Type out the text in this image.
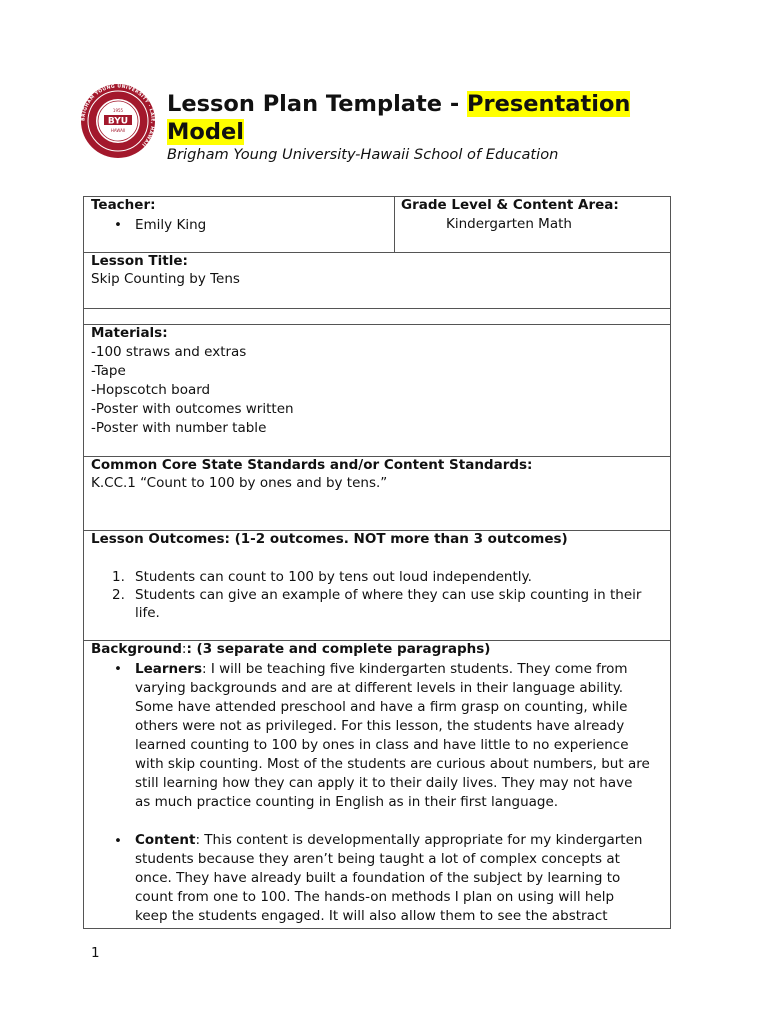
BRIGHAM YOUNG UNIVERSITY · LAIE, HAWAII
1955
BYU
HAWAII
Lesson Plan Template - Presentation
Model
Brigham Young University-Hawaii School of Education
Teacher:
• Emily King
Grade Level & Content Area:
Kindergarten Math
Lesson Title:
Skip Counting by Tens
Materials:
-100 straws and extras
-Tape
-Hopscotch board
-Poster with outcomes written
-Poster with number table
Common Core State Standards and/or Content Standards:
K.CC.1 “Count to 100 by ones and by tens.”
Lesson Outcomes: (1-2 outcomes. NOT more than 3 outcomes)
1. Students can count to 100 by tens out loud independently.
2. Students can give an example of where they can use skip counting in their
life.
Background:: (3 separate and complete paragraphs)
• Learners: I will be teaching five kindergarten students. They come from
varying backgrounds and are at different levels in their language ability.
Some have attended preschool and have a firm grasp on counting, while
others were not as privileged. For this lesson, the students have already
learned counting to 100 by ones in class and have little to no experience
with skip counting. Most of the students are curious about numbers, but are
still learning how they can apply it to their daily lives. They may not have
as much practice counting in English as in their first language.
• Content: This content is developmentally appropriate for my kindergarten
students because they aren’t being taught a lot of complex concepts at
once. They have already built a foundation of the subject by learning to
count from one to 100. The hands-on methods I plan on using will help
keep the students engaged. It will also allow them to see the abstract
1
